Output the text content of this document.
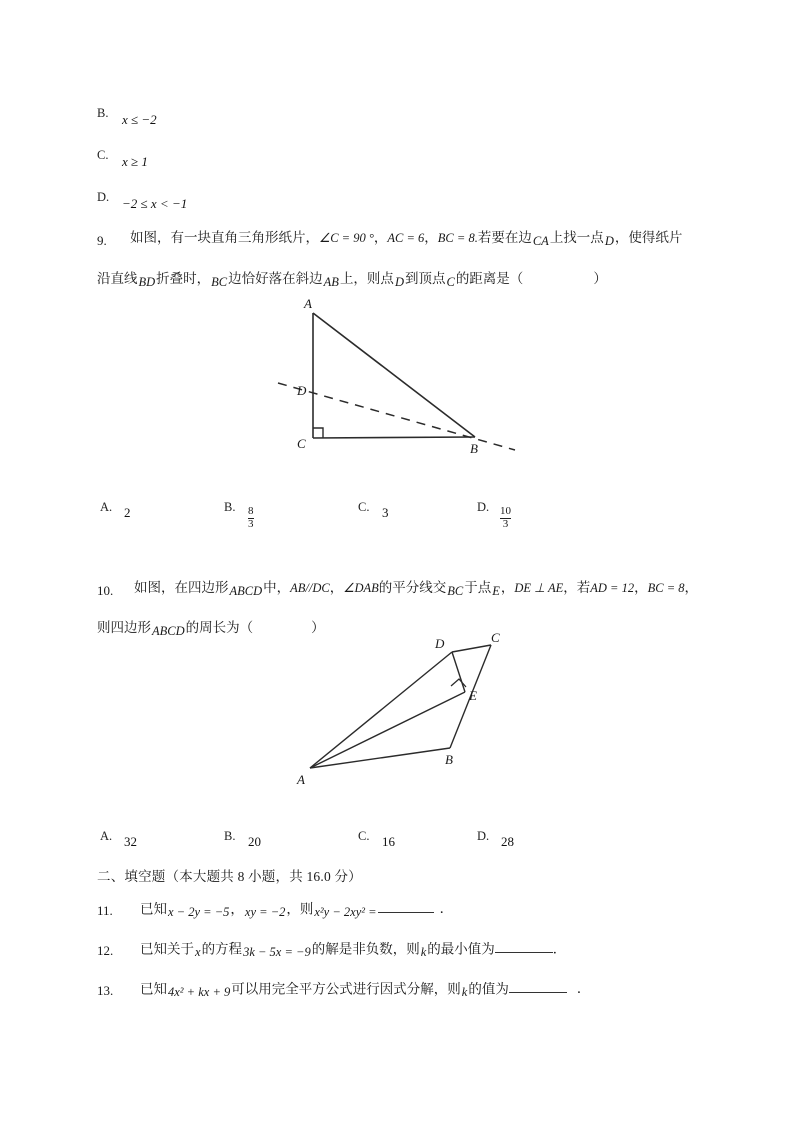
B. x ≤ −2
C. x ≥ 1
D. −2 ≤ x < −1
9. 如图，有一块直角三角形纸片，∠C = 90 °，AC = 6，BC = 8.若要在边CA上找一点D，使得纸片
沿直线BD折叠时，BC边恰好落在斜边AB上，则点D到顶点C的距离是（	）
A
D
C	B
A. 2	B. $\frac{8}{3}$	C. 3	D. $\frac{10}{3}$
10. 如图，在四边形ABCD中，AB//DC，∠DAB的平分线交BC于点E，DE ⊥ AE，若AD = 12，BC = 8，
则四边形ABCD的周长为（	）
A
B
C
D
E
A. 32	B. 20	C. 16	D. 28
二、填空题（本大题共 8 小题，共 16.0 分）
11. 已知x − 2y = −5，xy = −2，则x²y − 2xy² =	．
12. 已知关于x的方程3k − 5x = −9的解是非负数，则k的最小值为	．
13. 已知4x² + kx + 9可以用完全平方公式进行因式分解，则k的值为	．
